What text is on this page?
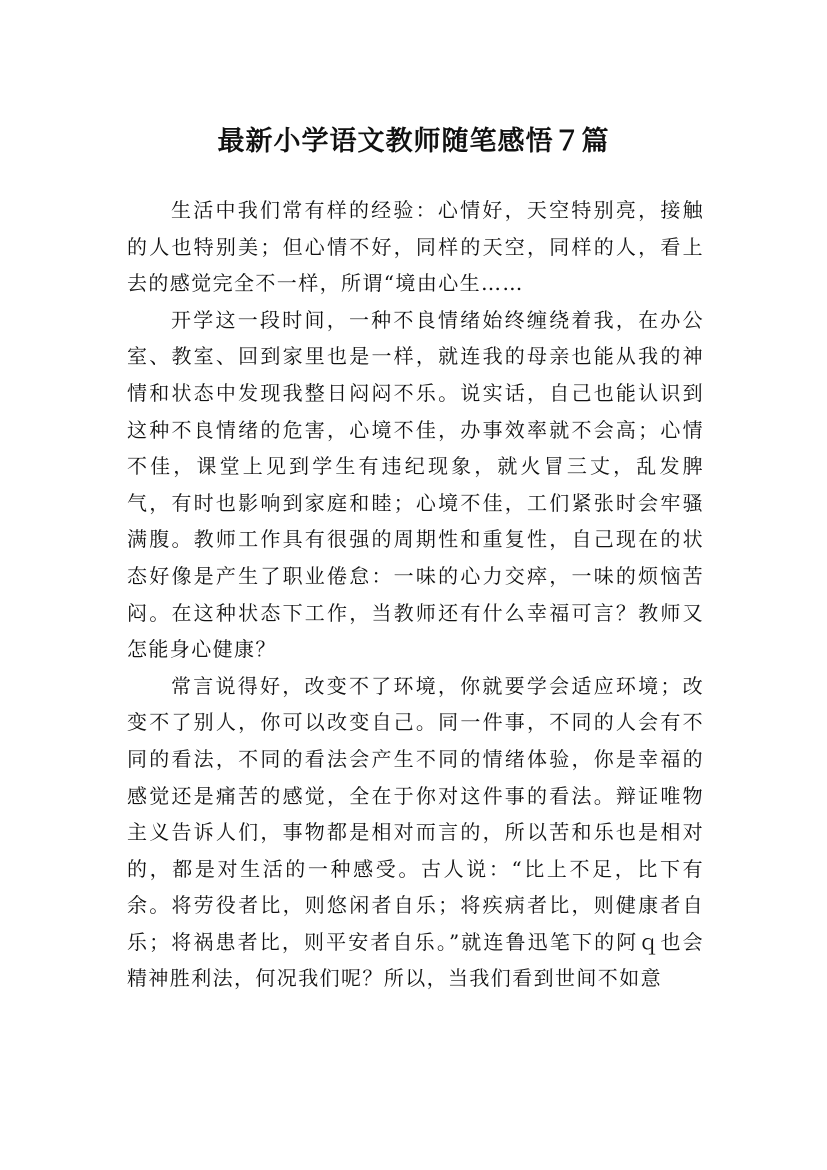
最新小学语文教师随笔感悟７篇

生活中我们常有样的经验：心情好，天空特别亮，接触的人也特别美；但心情不好，同样的天空，同样的人，看上去的感觉完全不一样，所谓“境由心生……

开学这一段时间，一种不良情绪始终缠绕着我，在办公室、教室、回到家里也是一样，就连我的母亲也能从我的神情和状态中发现我整日闷闷不乐。说实话，自己也能认识到这种不良情绪的危害，心境不佳，办事效率就不会高；心情不佳，课堂上见到学生有违纪现象，就火冒三丈，乱发脾气，有时也影响到家庭和睦；心境不佳，工们紧张时会牢骚满腹。教师工作具有很强的周期性和重复性，自己现在的状态好像是产生了职业倦怠：一味的心力交瘁，一味的烦恼苦闷。在这种状态下工作，当教师还有什么幸福可言？教师又怎能身心健康？

常言说得好，改变不了环境，你就要学会适应环境；改变不了别人，你可以改变自己。同一件事，不同的人会有不同的看法，不同的看法会产生不同的情绪体验，你是幸福的感觉还是痛苦的感觉，全在于你对这件事的看法。辩证唯物主义告诉人们，事物都是相对而言的，所以苦和乐也是相对的，都是对生活的一种感受。古人说：“比上不足，比下有余。将劳役者比，则悠闲者自乐；将疾病者比，则健康者自乐；将祸患者比，则平安者自乐。”就连鲁迅笔下的阿ｑ也会精神胜利法，何况我们呢？所以，当我们看到世间不如意
